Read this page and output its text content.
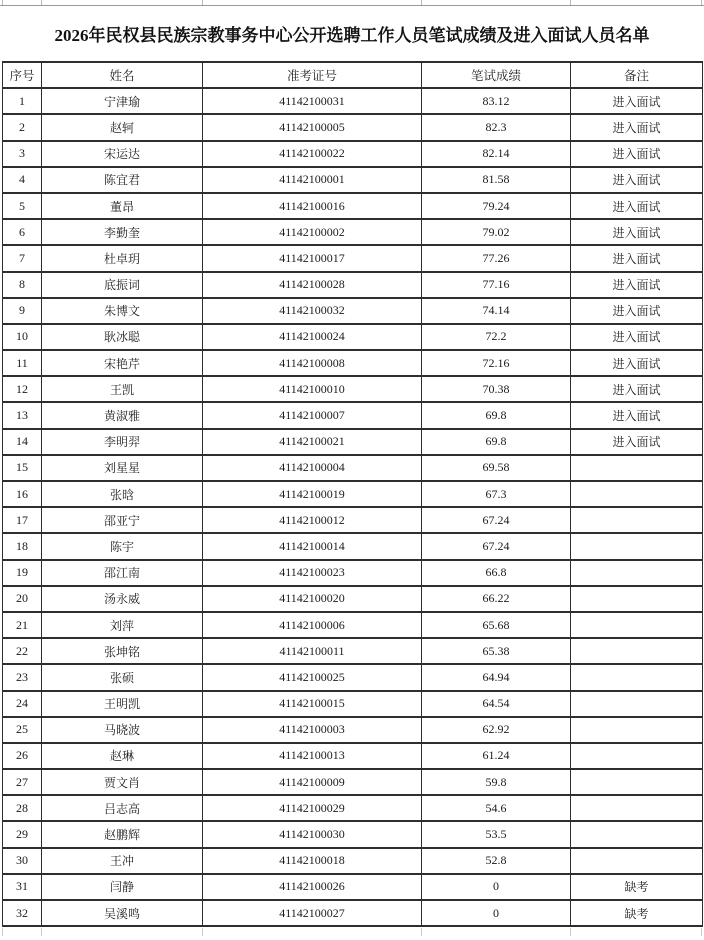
2026年民权县民族宗教事务中心公开选聘工作人员笔试成绩及进入面试人员名单
序号	姓名	准考证号	笔试成绩	备注
1	宁津瑜	41142100031	83.12	进入面试
2	赵轲	41142100005	82.3	进入面试
3	宋运达	41142100022	82.14	进入面试
4	陈宜君	41142100001	81.58	进入面试
5	董昂	41142100016	79.24	进入面试
6	李勤奎	41142100002	79.02	进入面试
7	杜卓玥	41142100017	77.26	进入面试
8	底振词	41142100028	77.16	进入面试
9	朱博文	41142100032	74.14	进入面试
10	耿冰聪	41142100024	72.2	进入面试
11	宋艳芹	41142100008	72.16	进入面试
12	王凯	41142100010	70.38	进入面试
13	黄淑雅	41142100007	69.8	进入面试
14	李明羿	41142100021	69.8	进入面试
15	刘星星	41142100004	69.58	
16	张晗	41142100019	67.3	
17	邵亚宁	41142100012	67.24	
18	陈宇	41142100014	67.24	
19	邵江南	41142100023	66.8	
20	汤永威	41142100020	66.22	
21	刘萍	41142100006	65.68	
22	张坤铭	41142100011	65.38	
23	张硕	41142100025	64.94	
24	王明凯	41142100015	64.54	
25	马晓波	41142100003	62.92	
26	赵琳	41142100013	61.24	
27	贾文肖	41142100009	59.8	
28	吕志高	41142100029	54.6	
29	赵鹏辉	41142100030	53.5	
30	王冲	41142100018	52.8	
31	闫静	41142100026	0	缺考
32	吴溪鸣	41142100027	0	缺考
